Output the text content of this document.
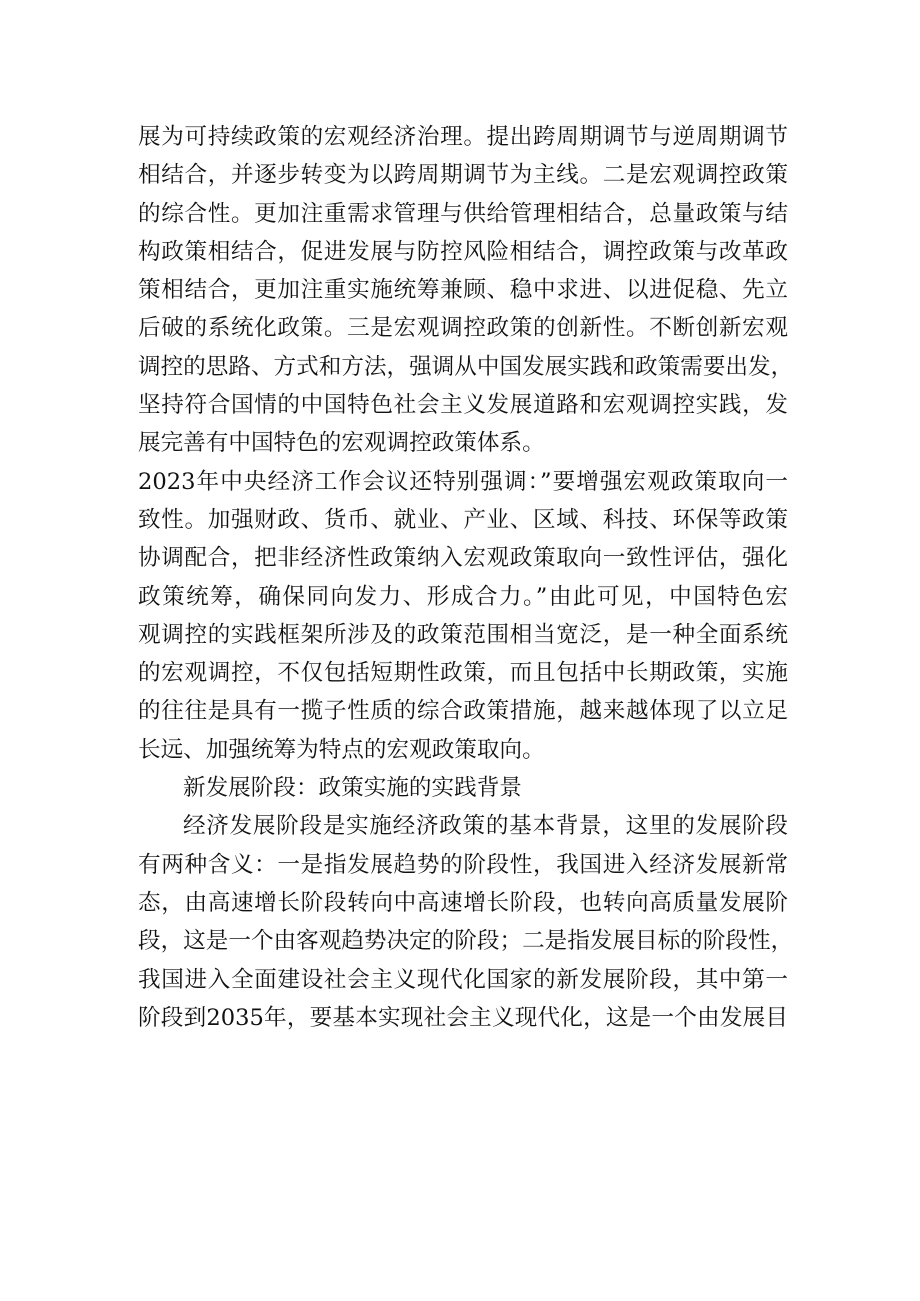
展为可持续政策的宏观经济治理。提出跨周期调节与逆周期调节
相结合，并逐步转变为以跨周期调节为主线。二是宏观调控政策
的综合性。更加注重需求管理与供给管理相结合，总量政策与结
构政策相结合，促进发展与防控风险相结合，调控政策与改革政
策相结合，更加注重实施统筹兼顾、稳中求进、以进促稳、先立
后破的系统化政策。三是宏观调控政策的创新性。不断创新宏观
调控的思路、方式和方法，强调从中国发展实践和政策需要出发，
坚持符合国情的中国特色社会主义发展道路和宏观调控实践，发
展完善有中国特色的宏观调控政策体系。
2023年中央经济工作会议还特别强调：”要增强宏观政策取向一
致性。加强财政、货币、就业、产业、区域、科技、环保等政策
协调配合，把非经济性政策纳入宏观政策取向一致性评估，强化
政策统筹，确保同向发力、形成合力。”由此可见，中国特色宏
观调控的实践框架所涉及的政策范围相当宽泛，是一种全面系统
的宏观调控，不仅包括短期性政策，而且包括中长期政策，实施
的往往是具有一揽子性质的综合政策措施，越来越体现了以立足
长远、加强统筹为特点的宏观政策取向。
新发展阶段：政策实施的实践背景
经济发展阶段是实施经济政策的基本背景，这里的发展阶段
有两种含义：一是指发展趋势的阶段性，我国进入经济发展新常
态，由高速增长阶段转向中高速增长阶段，也转向高质量发展阶
段，这是一个由客观趋势决定的阶段；二是指发展目标的阶段性，
我国进入全面建设社会主义现代化国家的新发展阶段，其中第一
阶段到2035年，要基本实现社会主义现代化，这是一个由发展目
